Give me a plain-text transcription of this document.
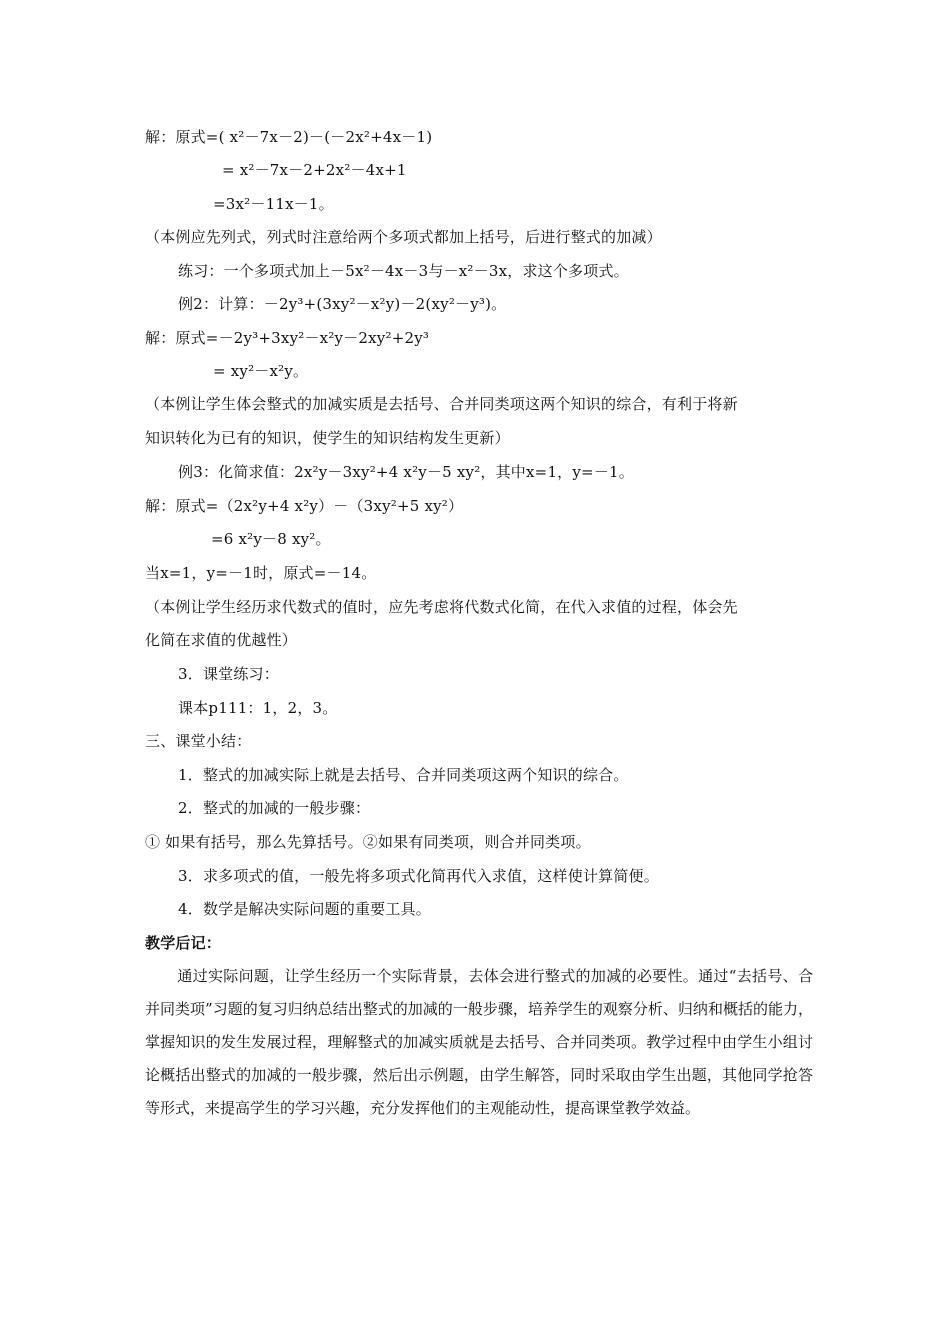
解：原式=( x²－7x－2)－(－2x²+4x－1)
= x²－7x－2+2x²－4x+1
=3x²－11x－1。
（本例应先列式，列式时注意给两个多项式都加上括号，后进行整式的加减）
练习：一个多项式加上－5x²－4x－3与－x²－3x，求这个多项式。
例2：计算：－2y³+(3xy²－x²y)－2(xy²－y³)。
解：原式=－2y³+3xy²－x²y－2xy²+2y³
= xy²－x²y。
（本例让学生体会整式的加减实质是去括号、合并同类项这两个知识的综合，有利于将新
知识转化为已有的知识，使学生的知识结构发生更新）
例3：化简求值：2x²y－3xy²+4 x²y－5 xy²，其中x=1，y=－1。
解：原式=（2x²y+4 x²y）－（3xy²+5 xy²）
=6 x²y－8 xy²。
当x=1，y=－1时，原式=－14。
（本例让学生经历求代数式的值时，应先考虑将代数式化简，在代入求值的过程，体会先
化简在求值的优越性）
3．课堂练习：
课本p111：1，2，3。
三、课堂小结：
1．整式的加减实际上就是去括号、合并同类项这两个知识的综合。
2．整式的加减的一般步骤：
① 如果有括号，那么先算括号。②如果有同类项，则合并同类项。
3．求多项式的值，一般先将多项式化简再代入求值，这样使计算简便。
4．数学是解决实际问题的重要工具。
教学后记：
通过实际问题，让学生经历一个实际背景，去体会进行整式的加减的必要性。通过“去括号、合并同类项”习题的复习归纳总结出整式的加减的一般步骤，培养学生的观察分析、归纳和概括的能力，掌握知识的发生发展过程，理解整式的加减实质就是去括号、合并同类项。教学过程中由学生小组讨论概括出整式的加减的一般步骤，然后出示例题，由学生解答，同时采取由学生出题，其他同学抢答等形式，来提高学生的学习兴趣，充分发挥他们的主观能动性，提高课堂教学效益。
